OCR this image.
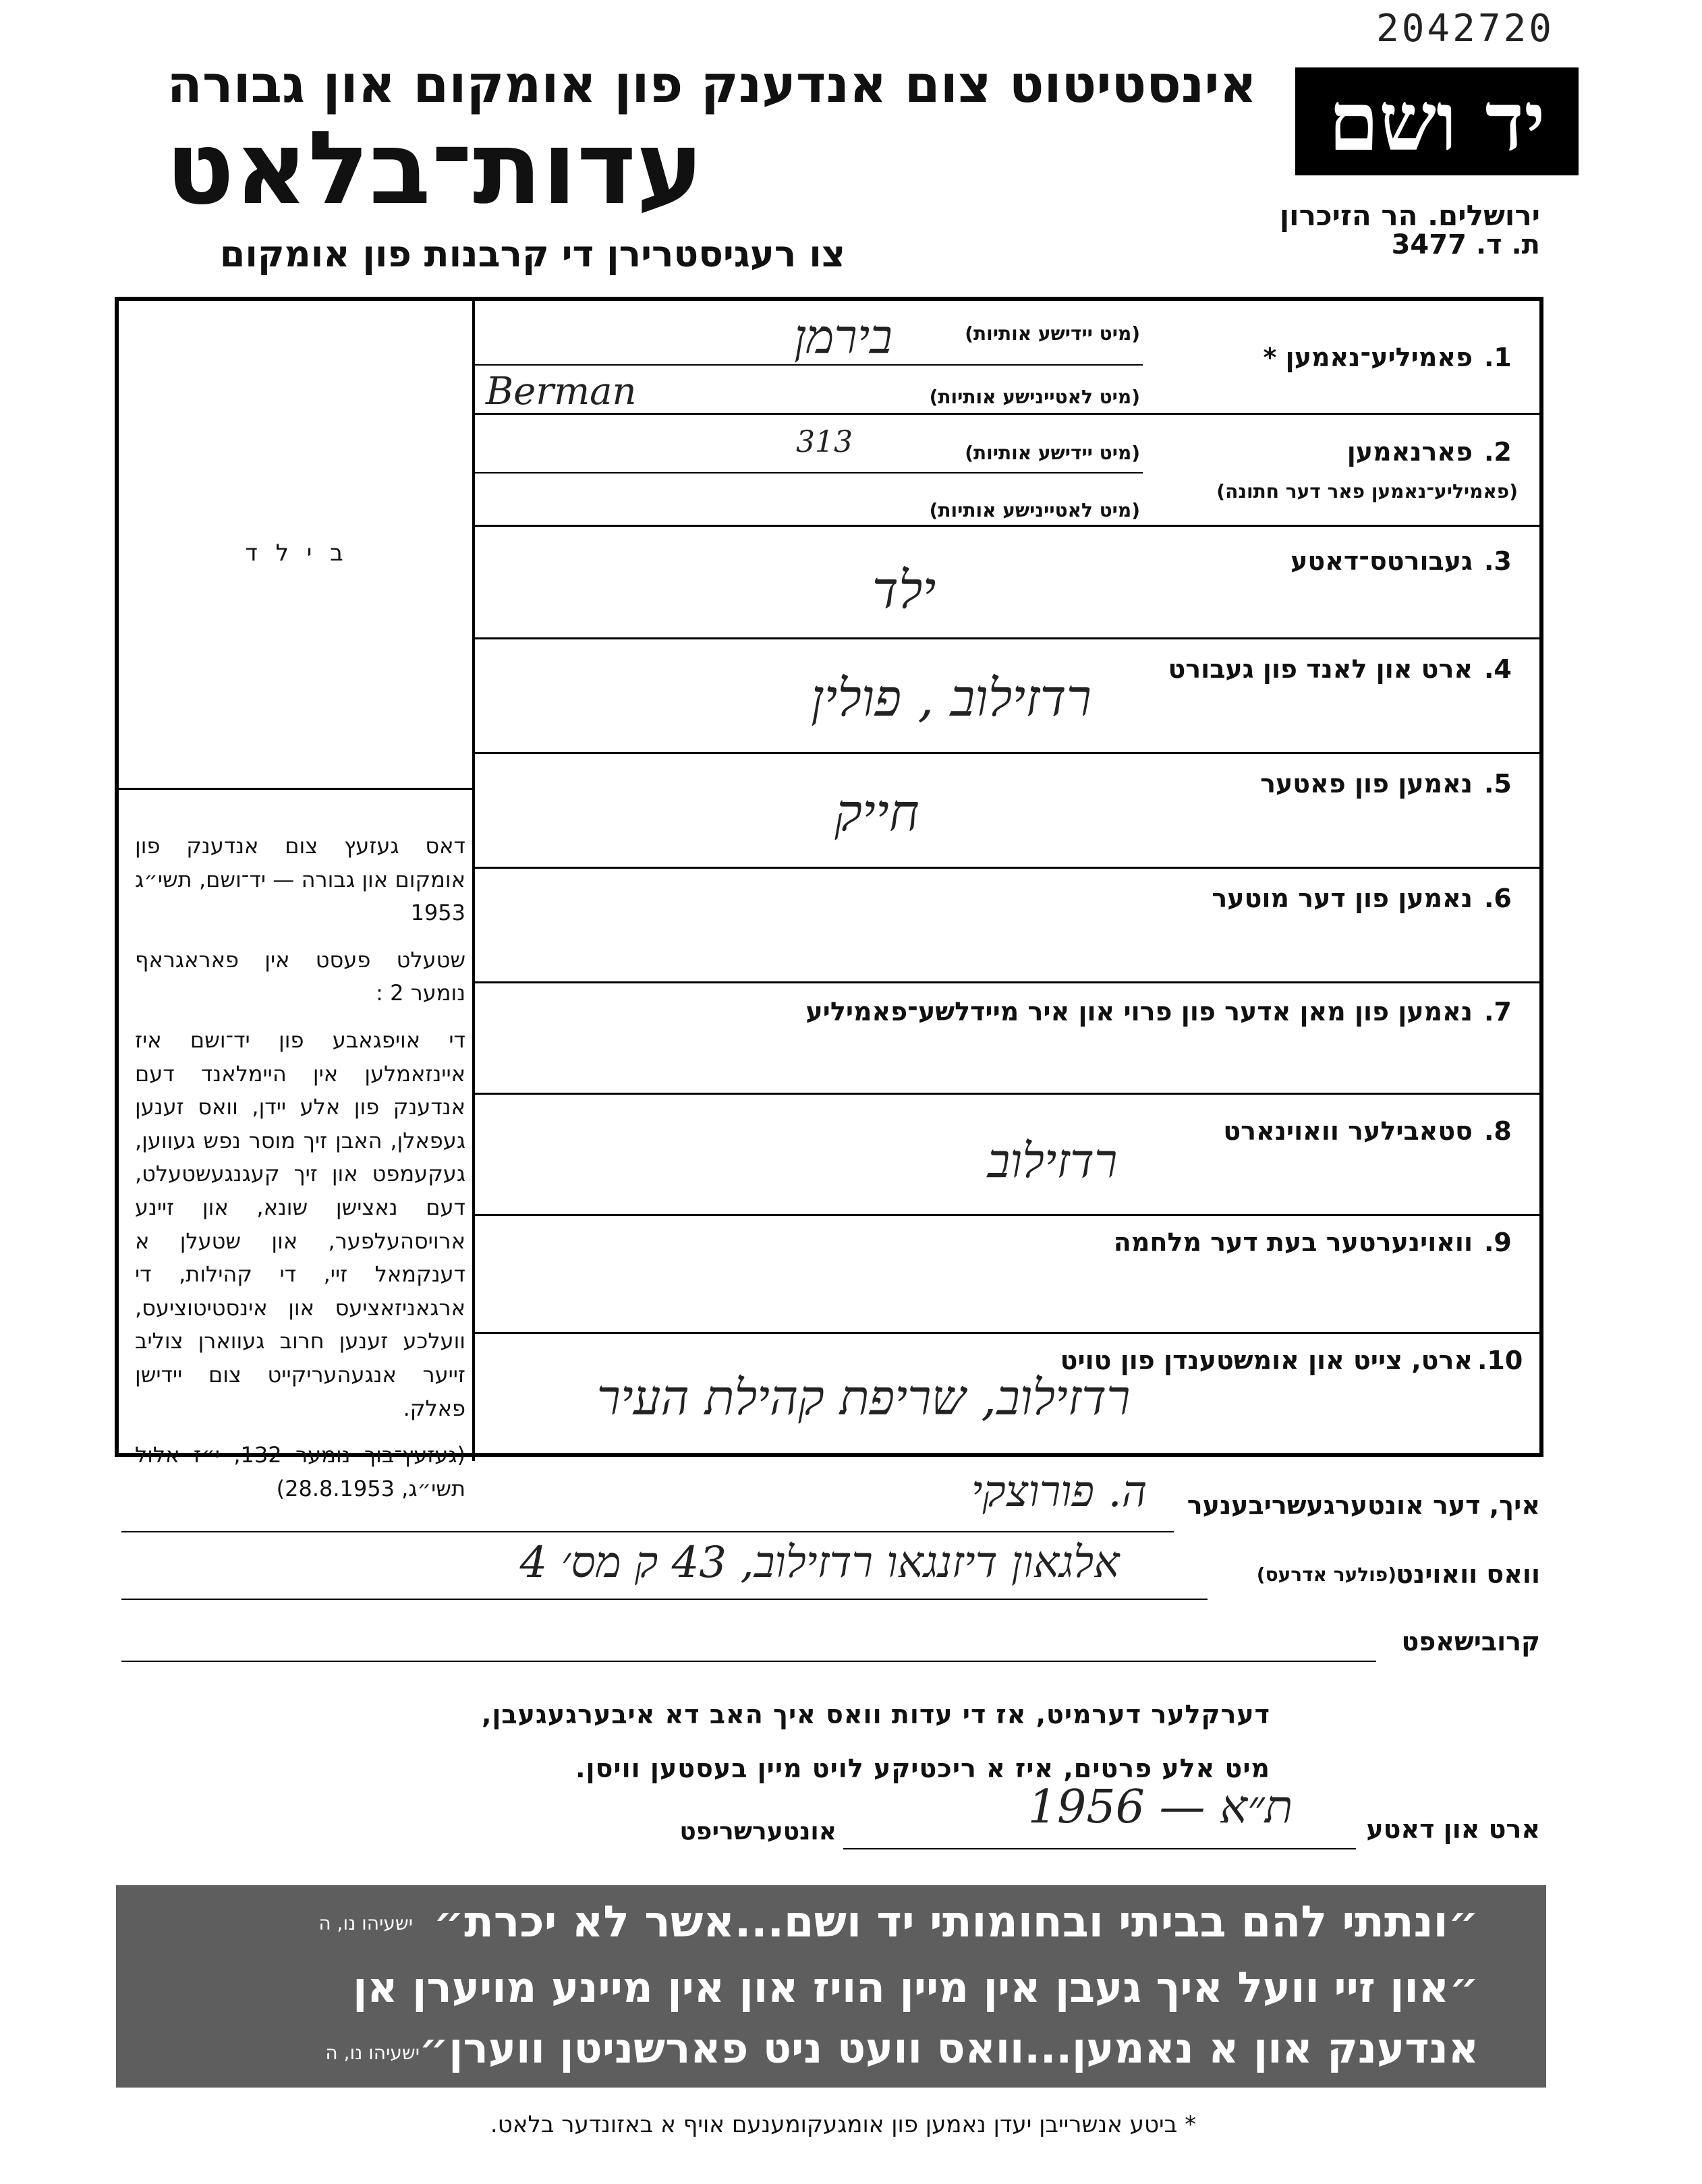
2042720
אינסטיטוט צום אנדענק פון אומקום און גבורה
עדות־בלאט
צו רעגיסטרירן די קרבנות פון אומקום
יד ושם
ירושלים. הר הזיכרון
ת. ד. 3477
ב י ל ד
דאס געזעץ צום אנדענק פון אומקום און גבורה — יד־ושם, תשי״ג 1953
שטעלט פעסט אין פאראגראף נומער 2 :
די אויפגאבע פון יד־ושם איז איינזאמלען אין היימלאנד דעם אנדענק פון אלע יידן, וואס זענען געפאלן, האבן זיך מוסר נפש געווען, געקעמפט און זיך קעגנגעשטעלט, דעם נאצישן שונא, און זיינע ארויסהעלפער, און שטעלן א דענקמאל זיי, די קהילות, די ארגאניזאציעס און אינסטיטוציעס, וועלכע זענען חרוב געווארן צוליב זייער אנגעהעריקייט צום יידישן פאלק.
(געזעץ־בוך נומער 132, י״ז אלול תשי״ג, 28.8.1953)
.1
פאמיליע־נאמען *
(מיט יידישע אותיות)
(מיט לאטיינישע אותיות)
בירמן
Berman
.2
פארנאמען
(פאמיליע־נאמען פאר דער חתונה)
(מיט יידישע אותיות)
(מיט לאטיינישע אותיות)
313
.3
געבורטס־דאטע
ילד
.4
ארט און לאנד פון געבורט
רדזילוב , פולין
.5
נאמען פון פאטער
חייק
.6
נאמען פון דער מוטער
.7
נאמען פון מאן אדער פון פרוי און איר מיידלשע־פאמיליע
.8
סטאבילער וואוינארט
רדזילוב
.9
וואוינערטער בעת דער מלחמה
.10
ארט, צייט און אומשטענדן פון טויט
רדזילוב, שריפת קהילת העיר
איך, דער אונטערגעשריבענער
ה. פורוצקי
וואס וואוינט
(פולער אדרעס)
אלגאון דיזנגאו רדזילוב, 43 ק מס׳ 4
קרובישאפט
דערקלער דערמיט, אז די עדות וואס איך האב דא איבערגעגעבן,
מיט אלע פרטים, איז א ריכטיקע לויט מיין בעסטען וויסן.
ארט און דאטע
ת״א — 1956
אונטערשריפט
״ונתתי להם בביתי ובחומותי יד ושם...אשר לא יכרת״
ישעיהו נו, ה
״און זיי וועל איך געבן אין מיין הויז און אין מיינע מויערן אן
אנדענק און א נאמען...וואס וועט ניט פארשניטן ווערן״
ישעיהו נו, ה
* ביטע אנשרייבן יעדן נאמען פון אומגעקומענעם אויף א באזונדער בלאט.
